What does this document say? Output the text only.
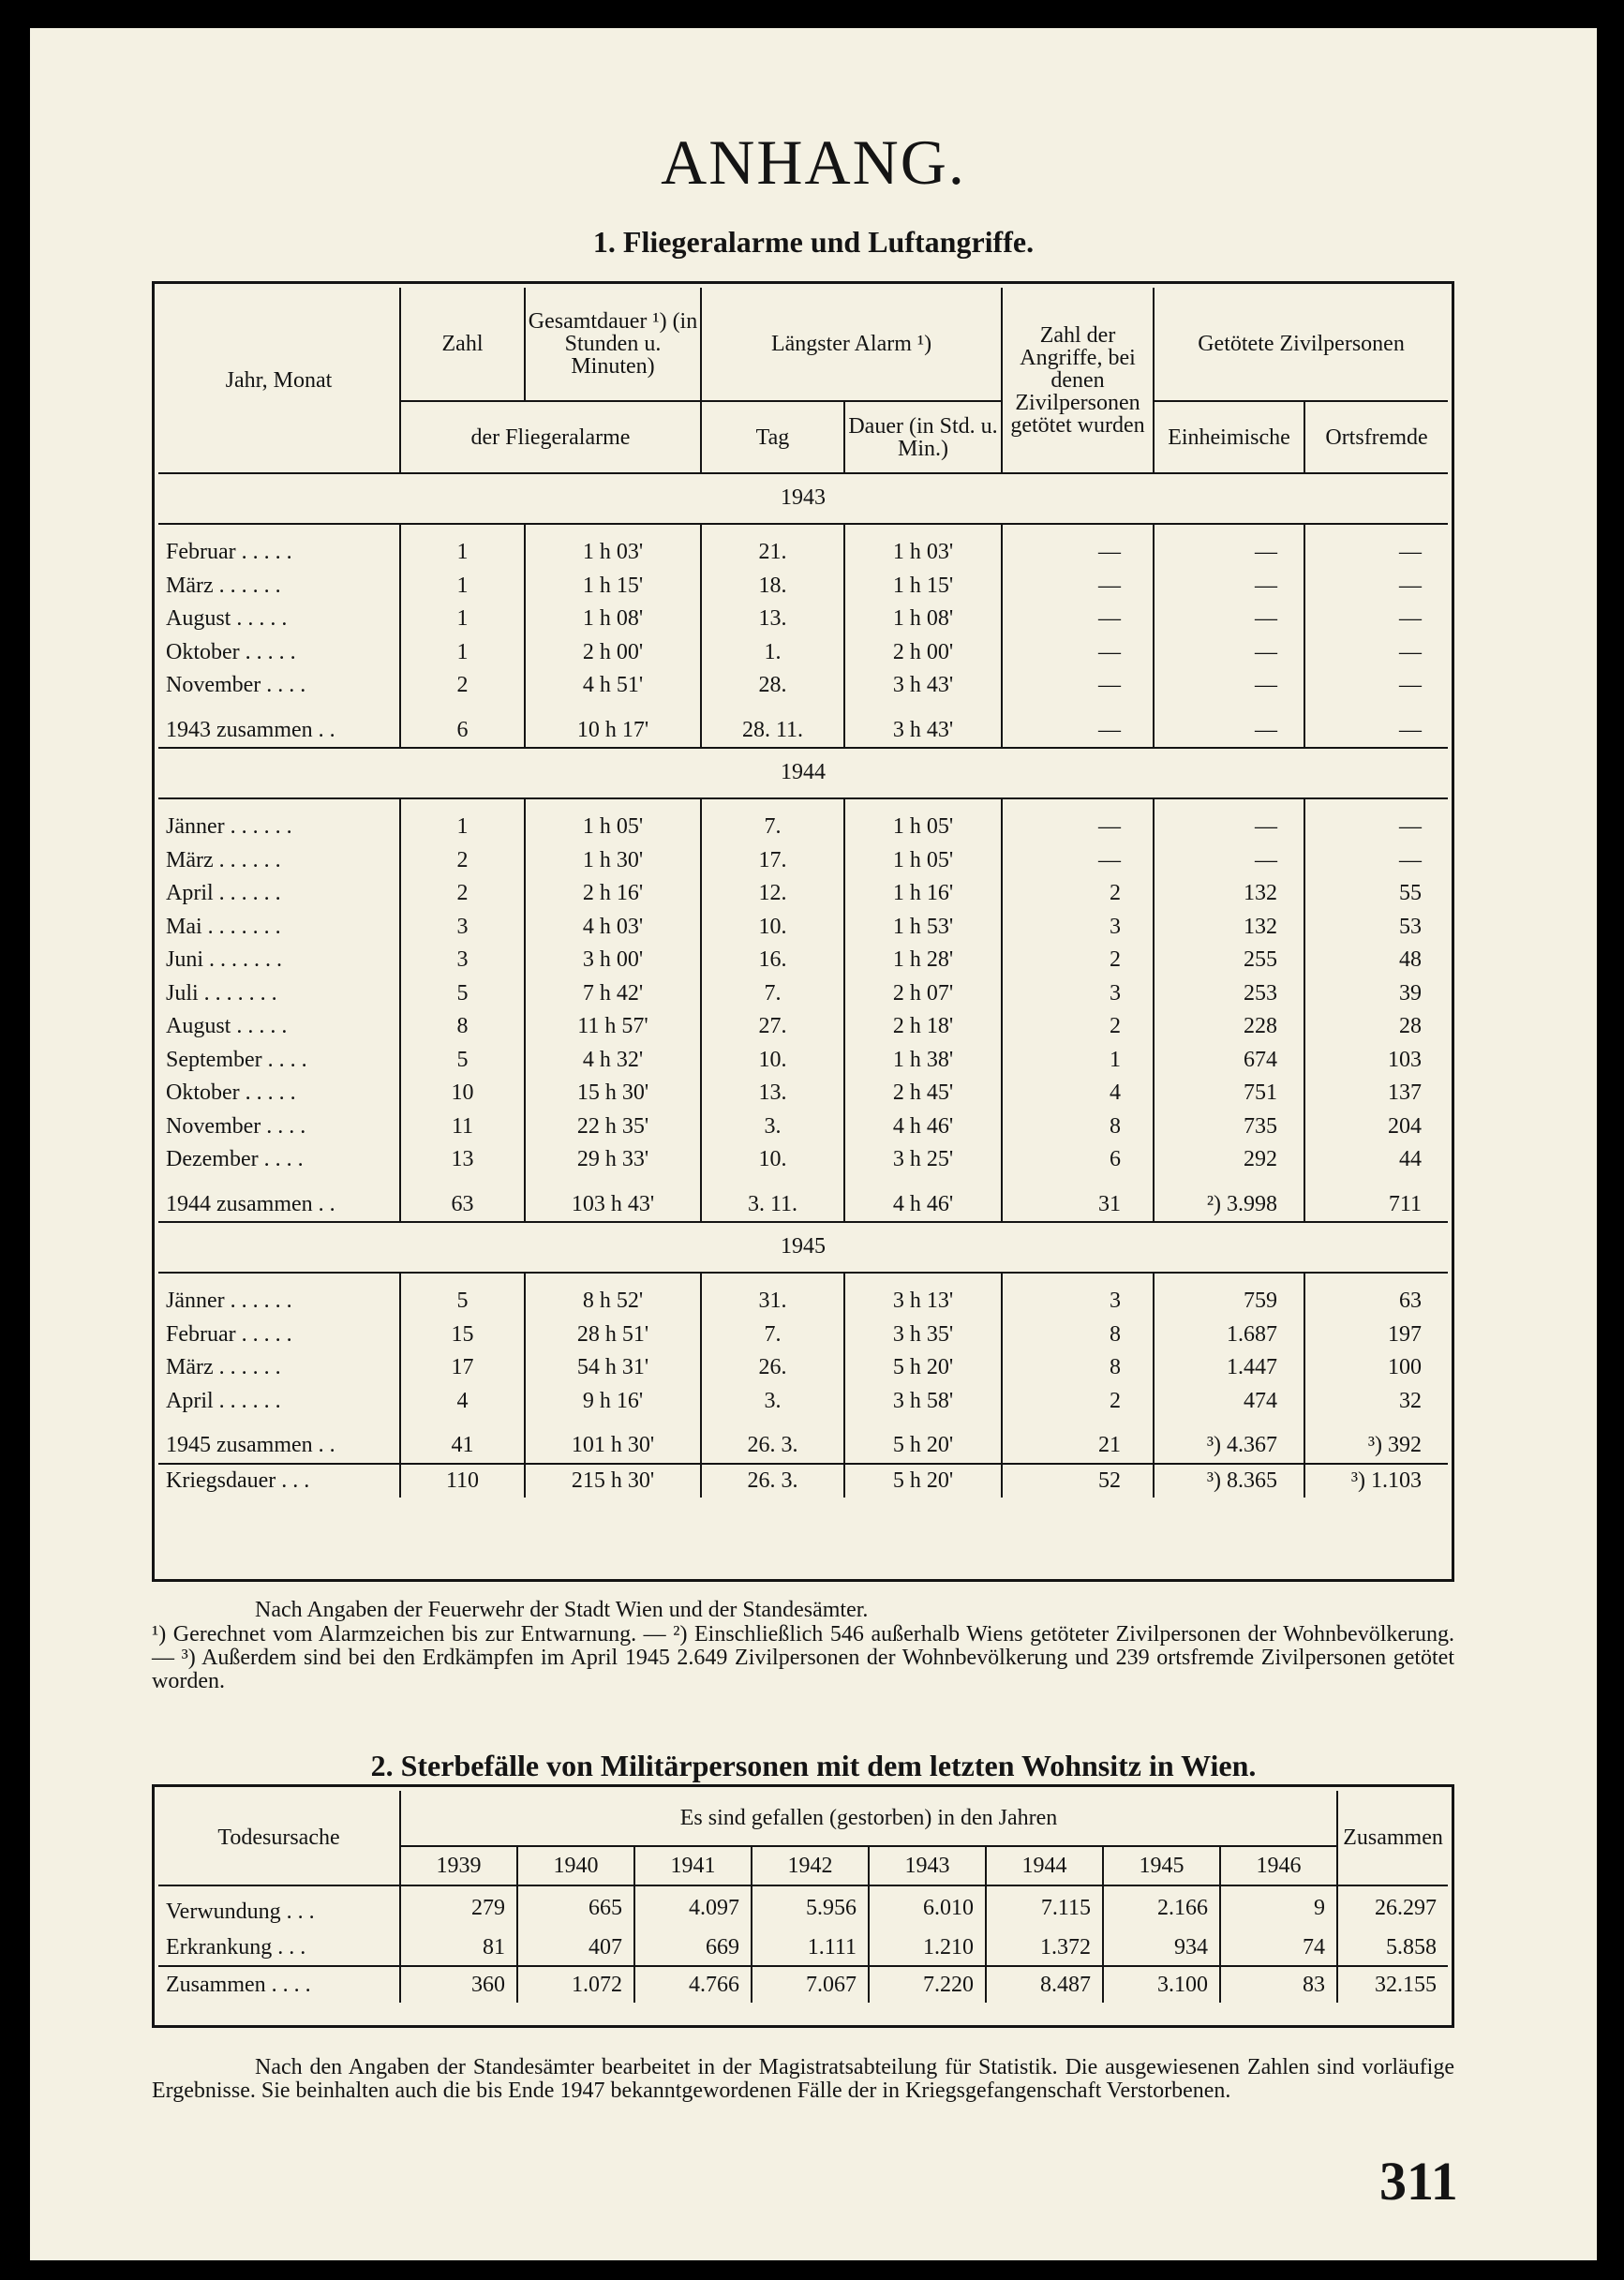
ANHANG.
1. Fliegeralarme und Luftangriffe.
Jahr, Monat	Zahl	Gesamtdauer ¹) (in Stunden u. Minuten)	Längster Alarm ¹)		Zahl der Angriffe, bei denen Zivilpersonen getötet wurden	Getötete Zivilpersonen	
	der Fliegeralarme		Tag	Dauer (in Std. u. Min.)		Einheimische	Ortsfremde
1943							

Februar . . . . .	1	1 h 03'	21.	1 h 03'	—	—	—
März . . . . . .	1	1 h 15'	18.	1 h 15'	—	—	—
August . . . . .	1	1 h 08'	13.	1 h 08'	—	—	—
Oktober . . . . .	1	2 h 00'	1.	2 h 00'	—	—	—
November . . . .	2	4 h 51'	28.	3 h 43'	—	—	—

1943 zusammen . .	6	10 h 17'	28. 11.	3 h 43'	—	—	—
1944							

Jänner . . . . . .	1	1 h 05'	7.	1 h 05'	—	—	—
März . . . . . .	2	1 h 30'	17.	1 h 05'	—	—	—
April . . . . . .	2	2 h 16'	12.	1 h 16'	2	132	55
Mai . . . . . . .	3	4 h 03'	10.	1 h 53'	3	132	53
Juni . . . . . . .	3	3 h 00'	16.	1 h 28'	2	255	48
Juli . . . . . . .	5	7 h 42'	7.	2 h 07'	3	253	39
August . . . . .	8	11 h 57'	27.	2 h 18'	2	228	28
September . . . .	5	4 h 32'	10.	1 h 38'	1	674	103
Oktober . . . . .	10	15 h 30'	13.	2 h 45'	4	751	137
November . . . .	11	22 h 35'	3.	4 h 46'	8	735	204
Dezember . . . .	13	29 h 33'	10.	3 h 25'	6	292	44

1944 zusammen . .	63	103 h 43'	3. 11.	4 h 46'	31	²) 3.998	711
1945							

Jänner . . . . . .	5	8 h 52'	31.	3 h 13'	3	759	63
Februar . . . . .	15	28 h 51'	7.	3 h 35'	8	1.687	197
März . . . . . .	17	54 h 31'	26.	5 h 20'	8	1.447	100
April . . . . . .	4	9 h 16'	3.	3 h 58'	2	474	32

1945 zusammen . .	41	101 h 30'	26. 3.	5 h 20'	21	³) 4.367	³) 392
Kriegsdauer . . .	110	215 h 30'	26. 3.	5 h 20'	52	³) 8.365	³) 1.103
Nach Angaben der Feuerwehr der Stadt Wien und der Standesämter.
¹) Gerechnet vom Alarmzeichen bis zur Entwarnung. — ²) Einschließlich 546 außerhalb Wiens getöteter Zivilpersonen der Wohnbevölkerung. — ³) Außerdem sind bei den Erdkämpfen im April 1945 2.649 Zivilpersonen der Wohnbevölkerung und 239 ortsfremde Zivilpersonen getötet worden.
2. Sterbefälle von Militärpersonen mit dem letzten Wohnsitz in Wien.
Todesursache	Es sind gefallen (gestorben) in den Jahren								Zusammen
	1939	1940	1941	1942	1943	1944	1945	1946	
Verwundung . . .	279	665	4.097	5.956	6.010	7.115	2.166	9	26.297
Erkrankung . . .	81	407	669	1.111	1.210	1.372	934	74	5.858
Zusammen . . . .	360	1.072	4.766	7.067	7.220	8.487	3.100	83	32.155
Nach den Angaben der Standesämter bearbeitet in der Magistratsabteilung für Statistik. Die ausgewiesenen Zahlen sind vorläufige Ergebnisse. Sie beinhalten auch die bis Ende 1947 bekanntgewordenen Fälle der in Kriegsgefangenschaft Verstorbenen.
311
